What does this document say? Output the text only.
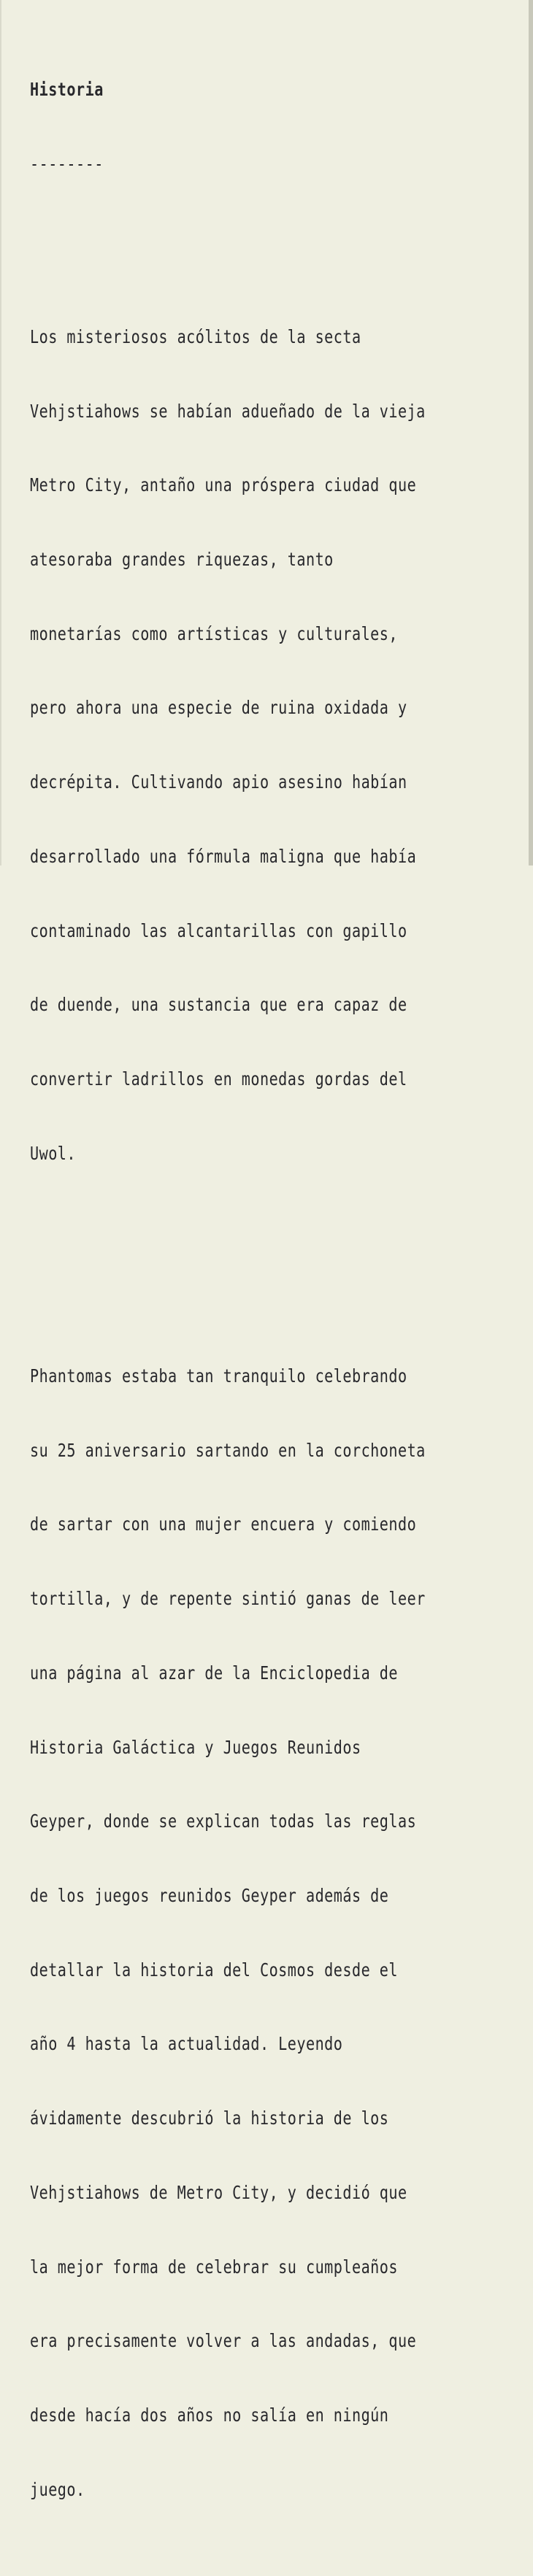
Historia

--------

Los misteriosos acólitos de la secta

Vehjstiahows se habían adueñado de la vieja

Metro City, antaño una próspera ciudad que

atesoraba grandes riquezas, tanto

monetarías como artísticas y culturales,

pero ahora una especie de ruina oxidada y

decrépita. Cultivando apio asesino habían

desarrollado una fórmula maligna que había

contaminado las alcantarillas con gapillo

de duende, una sustancia que era capaz de

convertir ladrillos en monedas gordas del

Uwol.

Phantomas estaba tan tranquilo celebrando

su 25 aniversario sartando en la corchoneta

de sartar con una mujer encuera y comiendo

tortilla, y de repente sintió ganas de leer

una página al azar de la Enciclopedia de

Historia Galáctica y Juegos Reunidos

Geyper, donde se explican todas las reglas

de los juegos reunidos Geyper además de

detallar la historia del Cosmos desde el

año 4 hasta la actualidad. Leyendo

ávidamente descubrió la historia de los

Vehjstiahows de Metro City, y decidió que

la mejor forma de celebrar su cumpleaños

era precisamente volver a las andadas, que

desde hacía dos años no salía en ningún

juego.
